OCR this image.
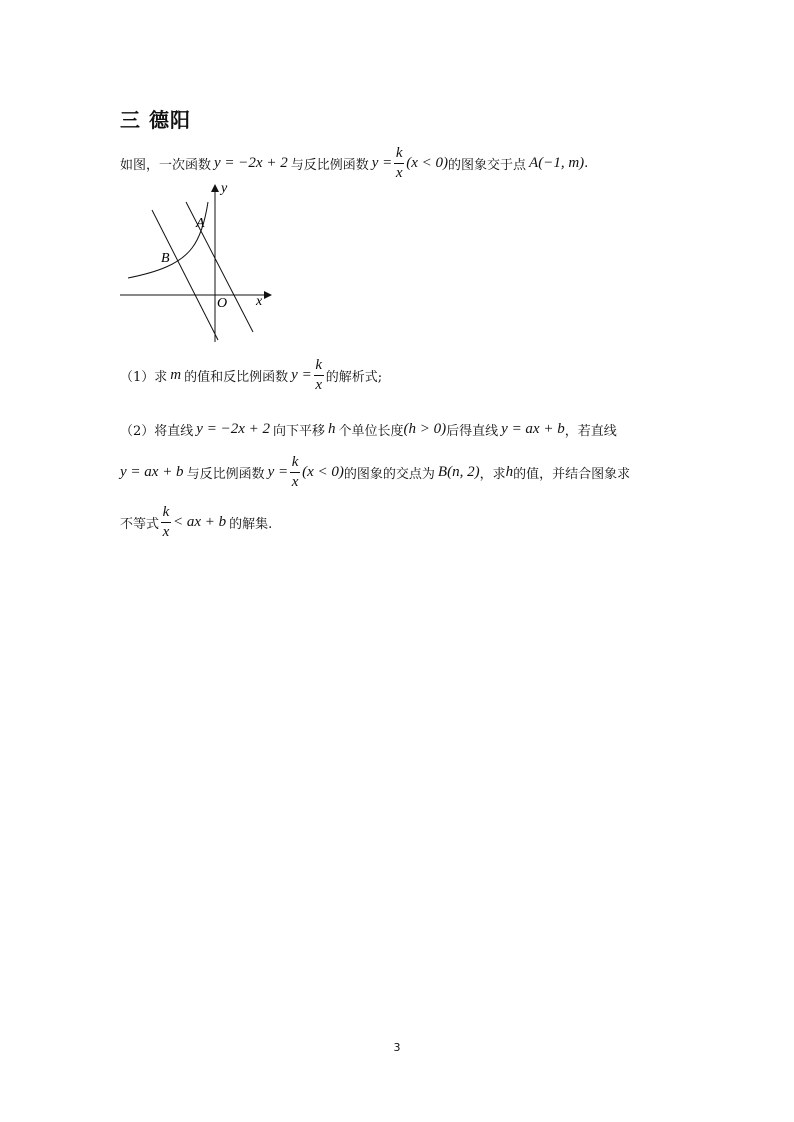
三 德阳
如图，一次函数 y = −2x + 2 与反比例函数 $y = \frac{k}{x} (x < 0)$ 的图象交于点 A(−1, m) .
y
x
O
A
B
（1） 求 m 的值和反比例函数 $y = \frac{k}{x}$ 的解析式;
（2） 将直线 y = −2x + 2 向下平移 h 个单位长度 (h > 0) 后得直线 y = ax + b ，若直线
y = ax + b 与反比例函数 $y = \frac{k}{x} (x < 0)$ 的图象的交点为 B(n, 2) ，求 h 的值，并结合图象求
不等式 $\frac{k}{x}$ < ax + b 的解集.
3
